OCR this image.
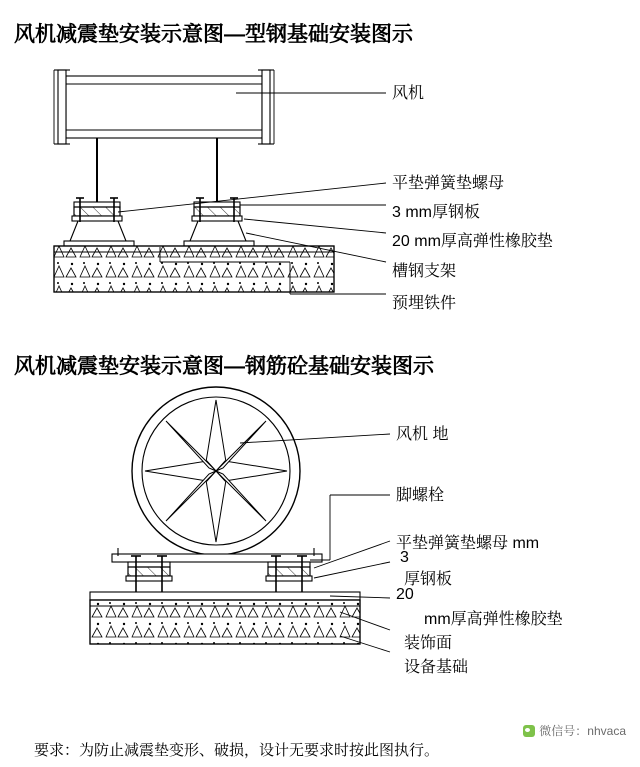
风机减震垫安装示意图—型钢基础安装图示
风机减震垫安装示意图—钢筋砼基础安装图示
风机
平垫弹簧垫螺母
3 mm厚钢板
20 mm厚高弹性橡胶垫
槽钢支架
预埋铁件
风机 地
脚螺栓
平垫弹簧垫螺母 mm
3
厚钢板
20
mm厚高弹性橡胶垫
装饰面
设备基础
要求：为防止减震垫变形、破损，设计无要求时按此图执行。
微信号：nhvaca
